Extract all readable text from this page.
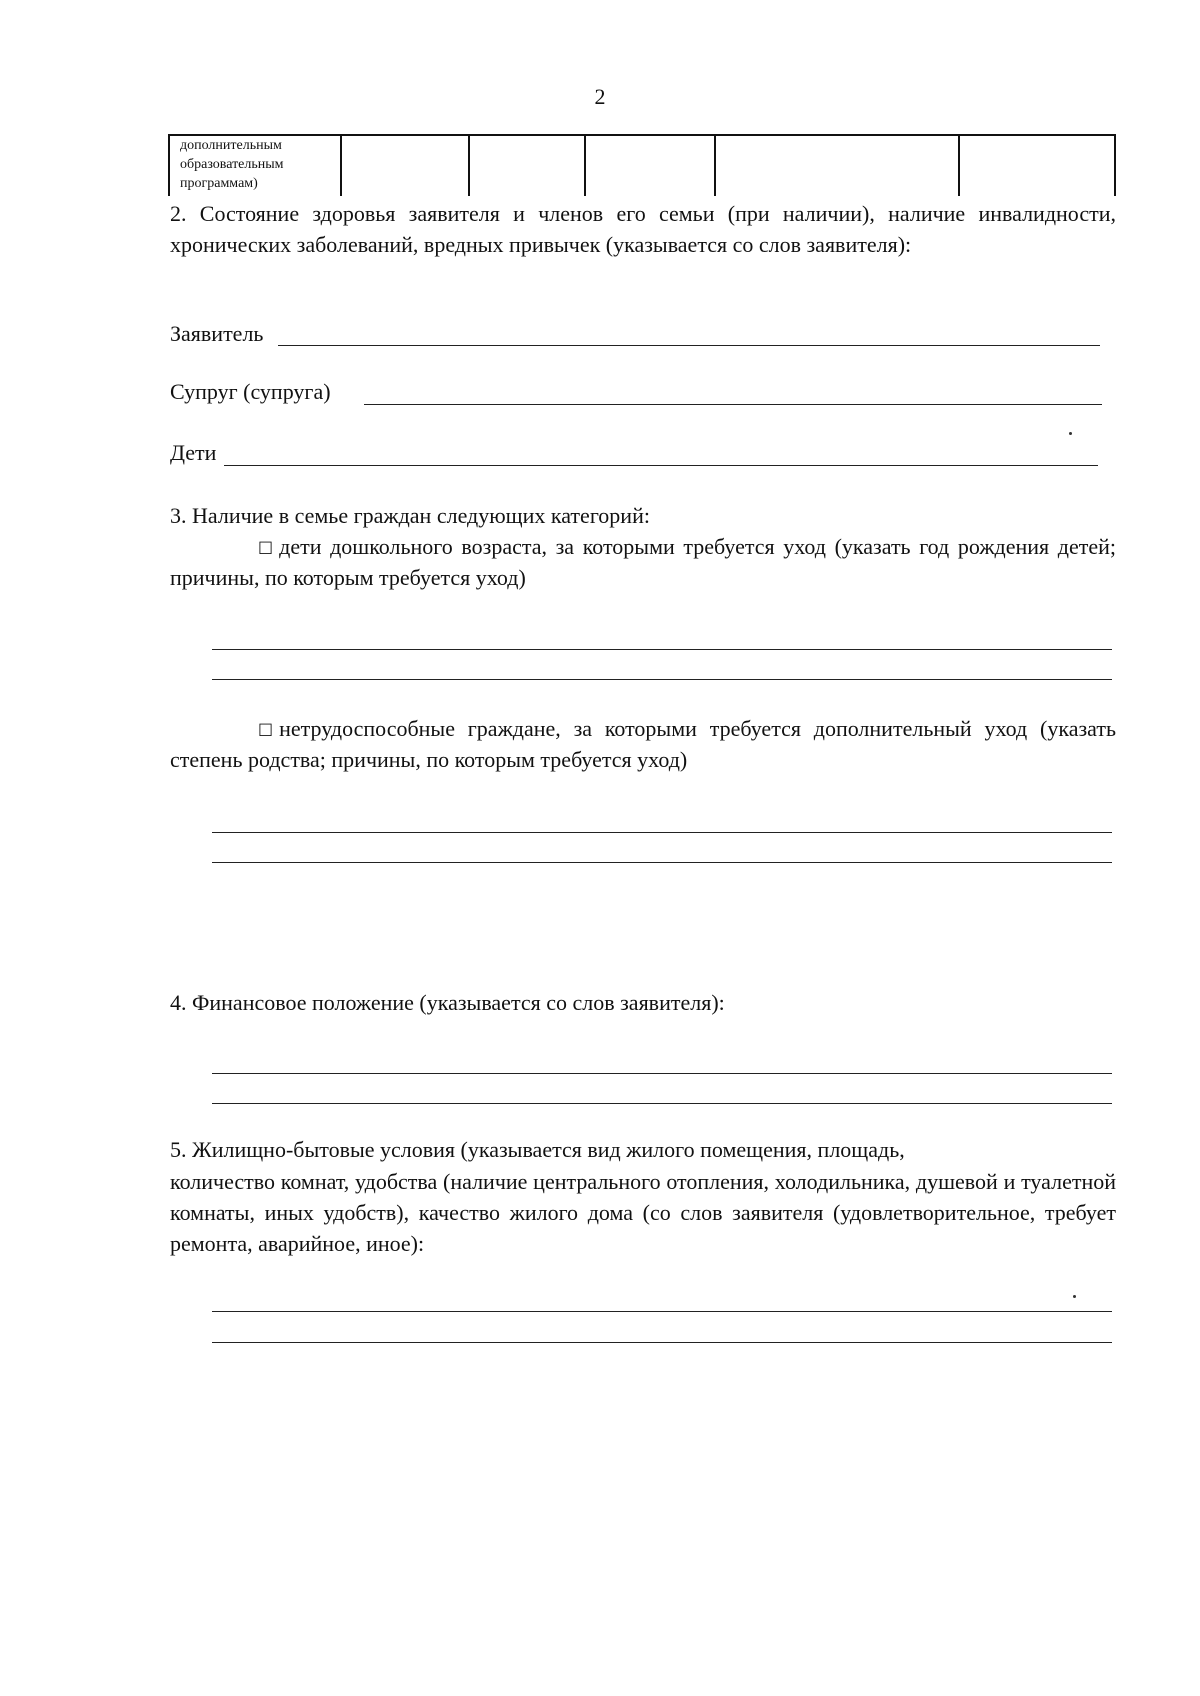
2
дополнительным
образовательным
программам)

2. Состояние здоровья заявителя и членов его семьи (при наличии), наличие инвалидности, хронических заболеваний, вредных привычек (указывается со слов заявителя):
Заявитель
Супруг (супруга)
Дети
3. Наличие в семье граждан следующих категорий:
□ дети дошкольного возраста, за которыми требуется уход (указать год рождения детей; причины, по которым требуется уход)
□ нетрудоспособные граждане, за которыми требуется дополнительный уход (указать степень родства; причины, по которым требуется уход)
4. Финансовое положение (указывается со слов заявителя):
5. Жилищно-бытовые условия (указывается вид жилого помещения, площадь,
количество комнат, удобства (наличие центрального отопления, холодильника, душевой и туалетной комнаты, иных удобств), качество жилого дома (со слов заявителя (удовлетворительное, требует ремонта, аварийное, иное):
